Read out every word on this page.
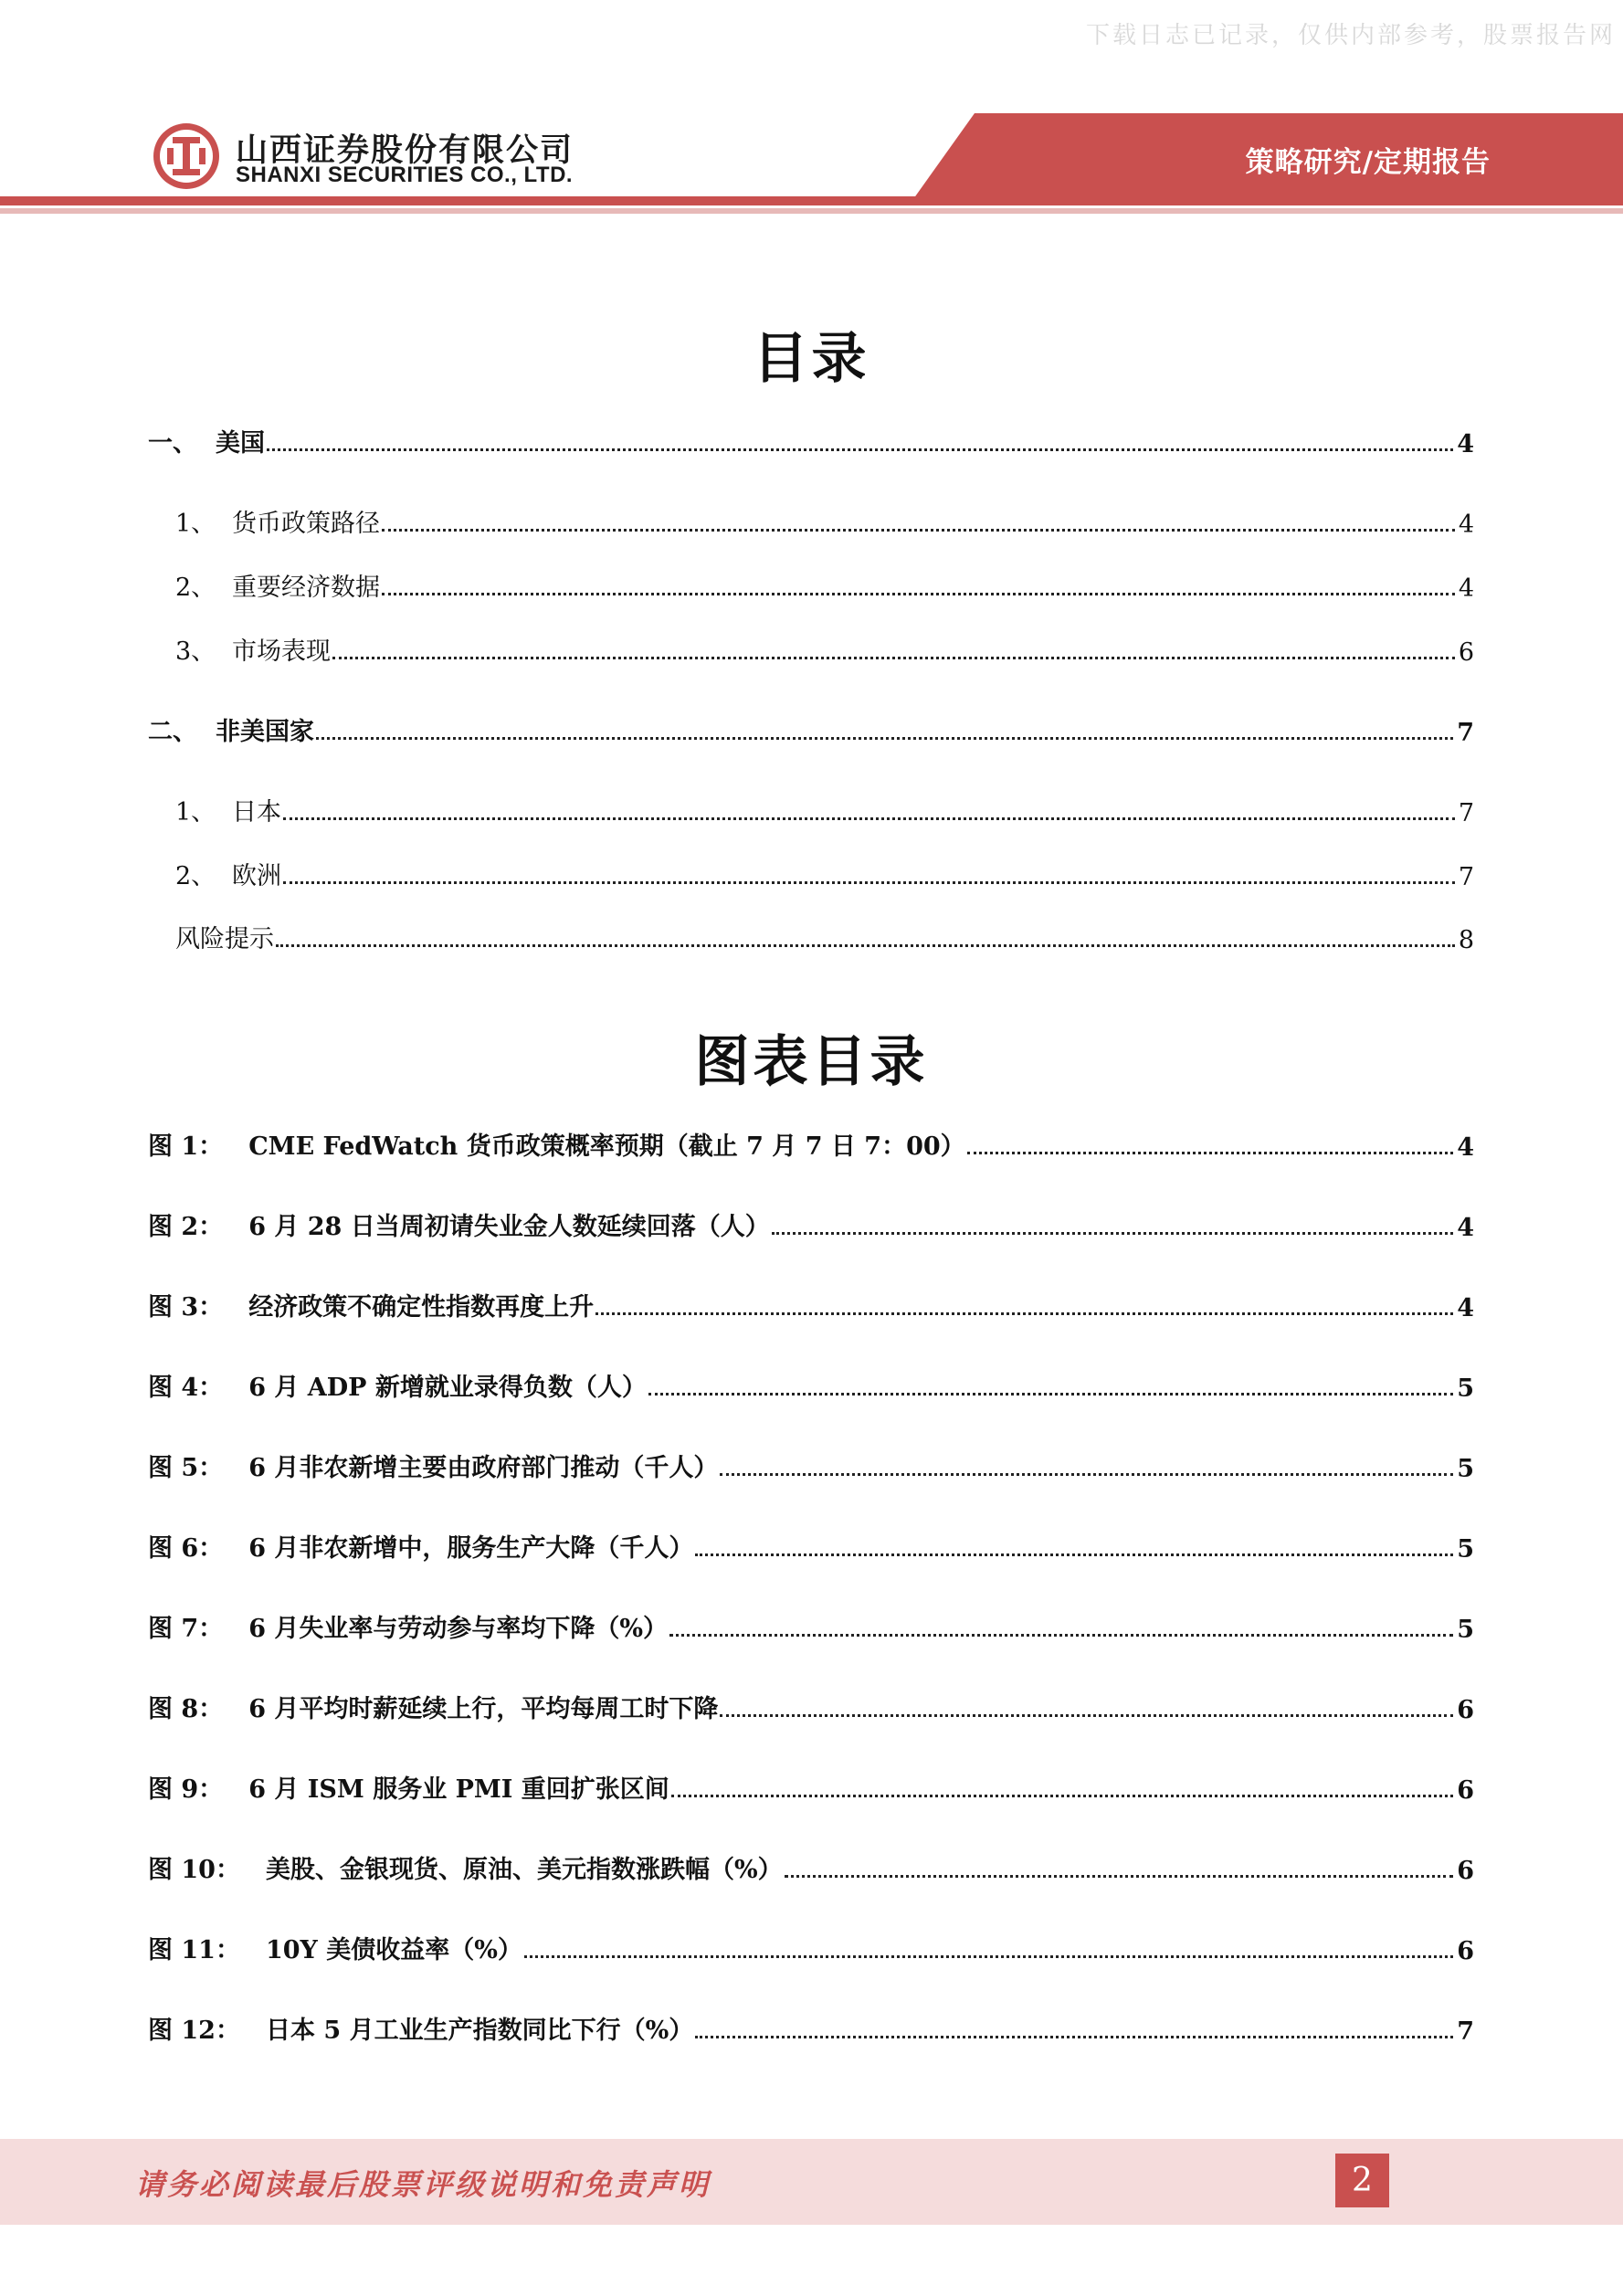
下载日志已记录，仅供内部参考，股票报告网
策略研究/定期报告
山西证券股份有限公司
SHANXI SECURITIES CO., LTD.
目录
一、 美国	4
1、 货币政策路径	4
2、 重要经济数据	4
3、 市场表现	6
二、 非美国家	7
1、 日本	7
2、 欧洲	7
风险提示	8
图表目录
图 1：	CME FedWatch 货币政策概率预期（截止 7 月 7 日 7：00）	4
图 2：	6 月 28 日当周初请失业金人数延续回落（人）	4
图 3：	经济政策不确定性指数再度上升	4
图 4：	6 月 ADP 新增就业录得负数（人）	5
图 5：	6 月非农新增主要由政府部门推动（千人）	5
图 6：	6 月非农新增中，服务生产大降（千人）	5
图 7：	6 月失业率与劳动参与率均下降（%）	5
图 8：	6 月平均时薪延续上行，平均每周工时下降	6
图 9：	6 月 ISM 服务业 PMI 重回扩张区间	6
图 10：	美股、金银现货、原油、美元指数涨跌幅（%）	6
图 11：	10Y 美债收益率（%）	6
图 12：	日本 5 月工业生产指数同比下行（%）	7
请务必阅读最后股票评级说明和免责声明	2
